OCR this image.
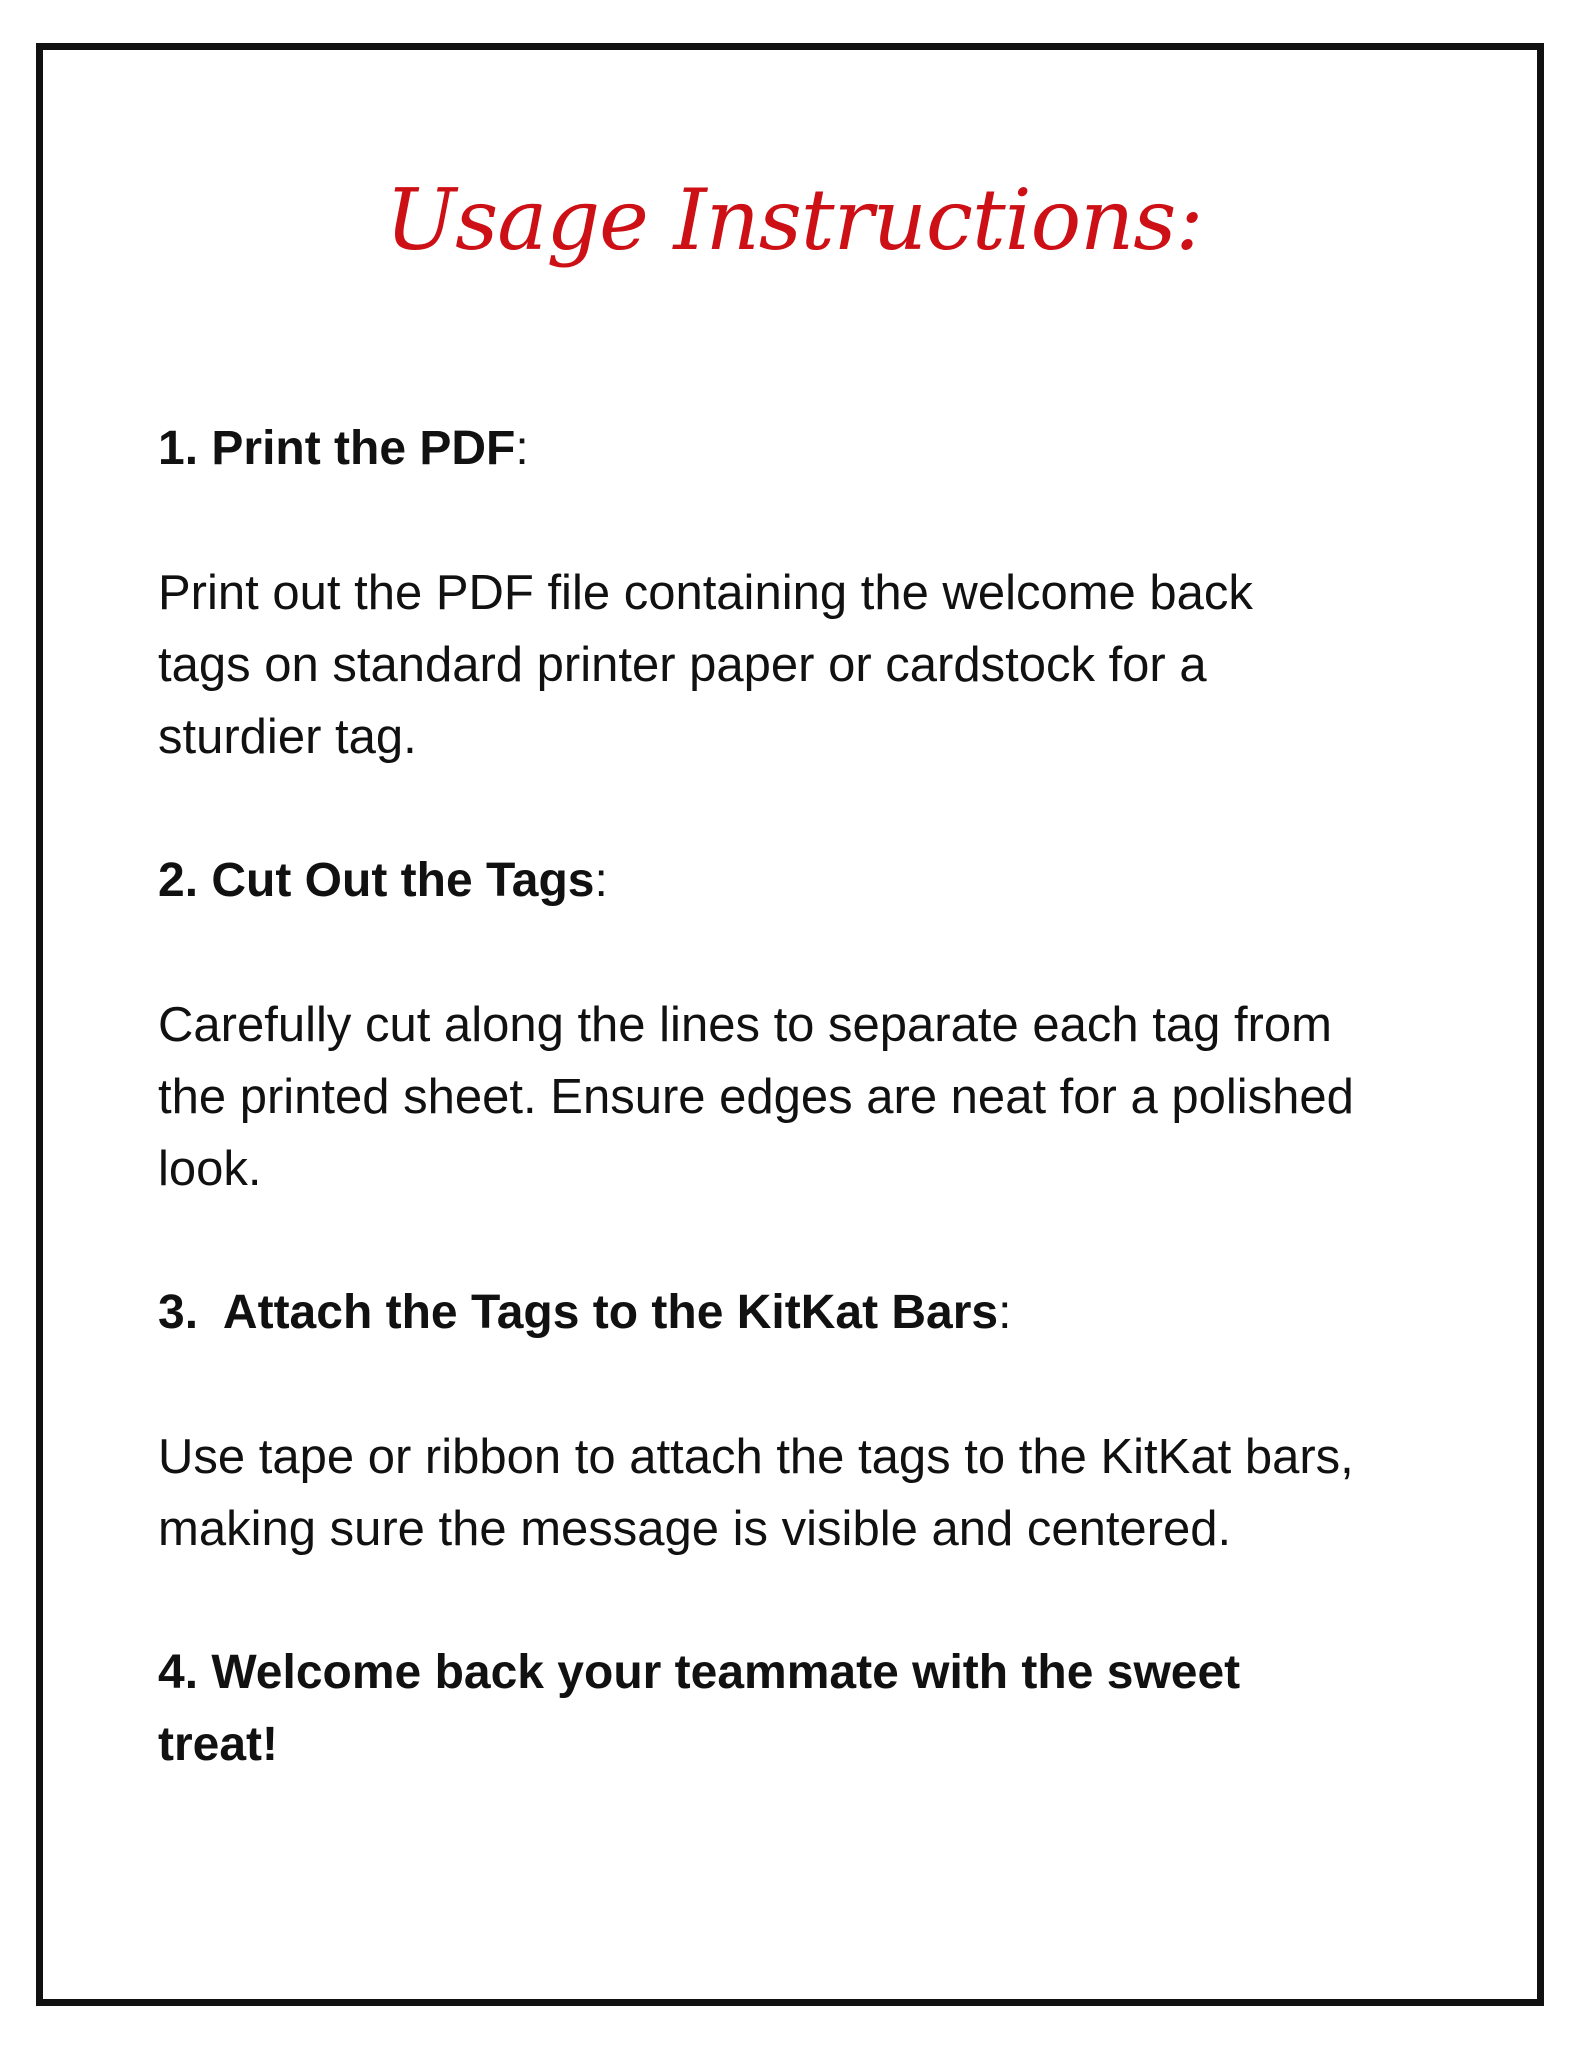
Usage Instructions:

1. Print the PDF:

Print out the PDF file containing the welcome back tags on standard printer paper or cardstock for a sturdier tag.

2. Cut Out the Tags:

Carefully cut along the lines to separate each tag from the printed sheet. Ensure edges are neat for a polished look.

3.  Attach the Tags to the KitKat Bars:

Use tape or ribbon to attach the tags to the KitKat bars, making sure the message is visible and centered.

4. Welcome back your teammate with the sweet treat!
